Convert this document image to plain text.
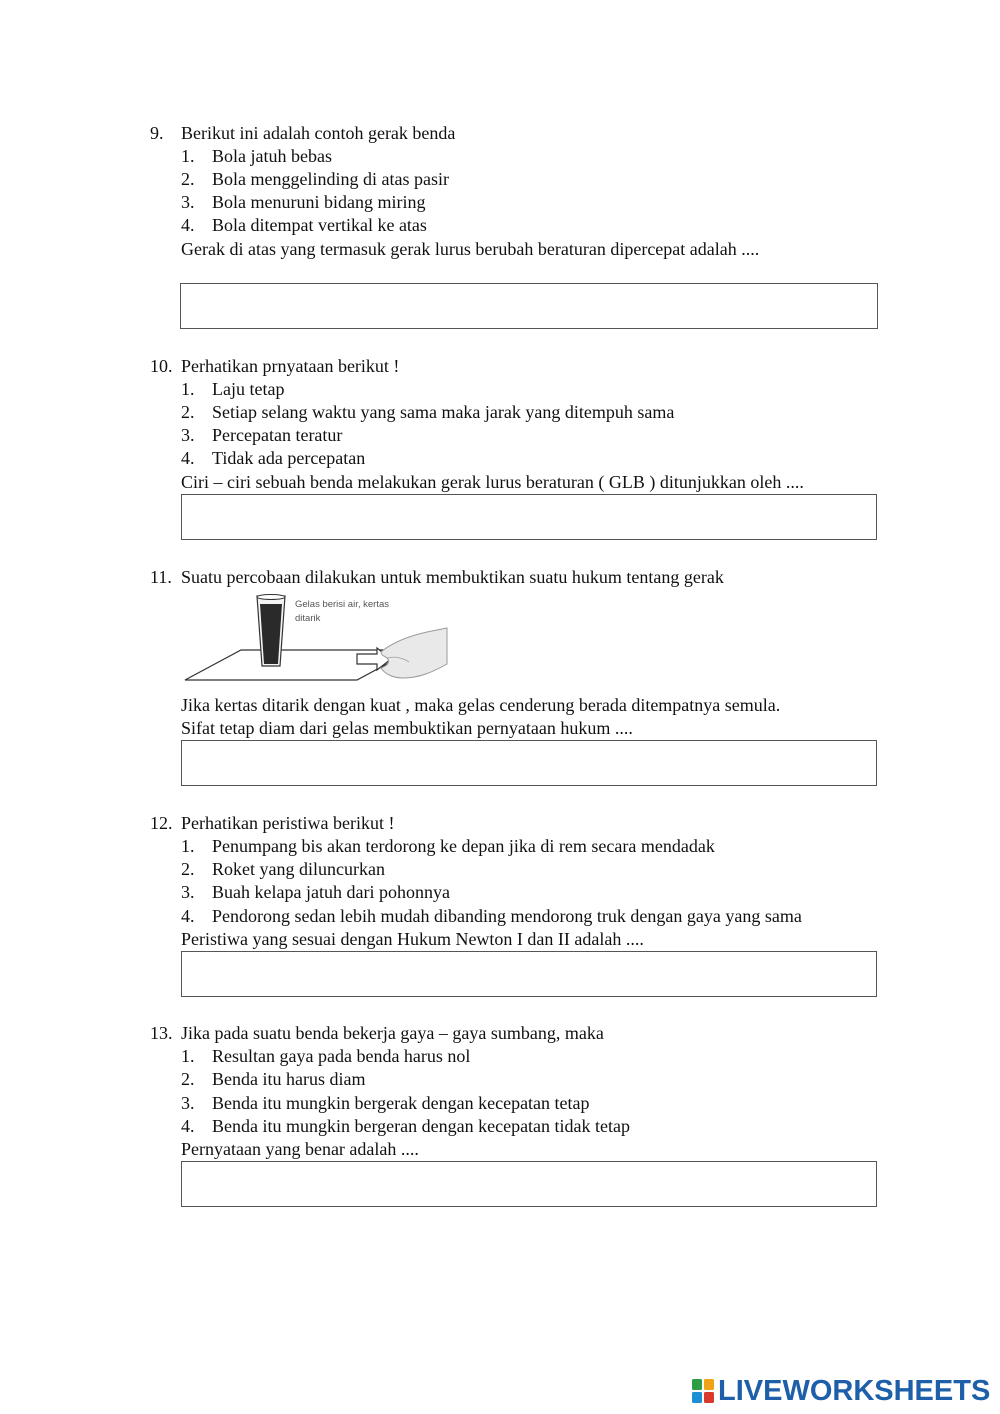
9. Berikut ini adalah contoh gerak benda
1. Bola jatuh bebas
2. Bola menggelinding di atas pasir
3. Bola menuruni bidang miring
4. Bola ditempat vertikal ke atas
Gerak di atas yang termasuk gerak lurus berubah beraturan dipercepat adalah ....
10. Perhatikan prnyataan berikut !
1. Laju tetap
2. Setiap selang waktu yang sama maka jarak yang ditempuh sama
3. Percepatan teratur
4. Tidak ada percepatan
Ciri – ciri sebuah benda melakukan gerak lurus beraturan ( GLB ) ditunjukkan oleh ....
11. Suatu percobaan dilakukan untuk membuktikan suatu hukum tentang gerak
Gelas berisi air, kertas
ditarik
Jika kertas ditarik dengan kuat , maka gelas cenderung berada ditempatnya semula.
Sifat tetap diam dari gelas membuktikan pernyataan hukum ....
12. Perhatikan peristiwa berikut !
1. Penumpang bis akan terdorong ke depan jika di rem secara mendadak
2. Roket yang diluncurkan
3. Buah kelapa jatuh dari pohonnya
4. Pendorong sedan lebih mudah dibanding mendorong truk dengan gaya yang sama
Peristiwa yang sesuai dengan Hukum Newton I dan II adalah ....
13. Jika pada suatu benda bekerja gaya – gaya sumbang, maka
1. Resultan gaya pada benda harus nol
2. Benda itu harus diam
3. Benda itu mungkin bergerak dengan kecepatan tetap
4. Benda itu mungkin bergeran dengan kecepatan tidak tetap
Pernyataan yang benar adalah ....
LIVEWORKSHEETS
